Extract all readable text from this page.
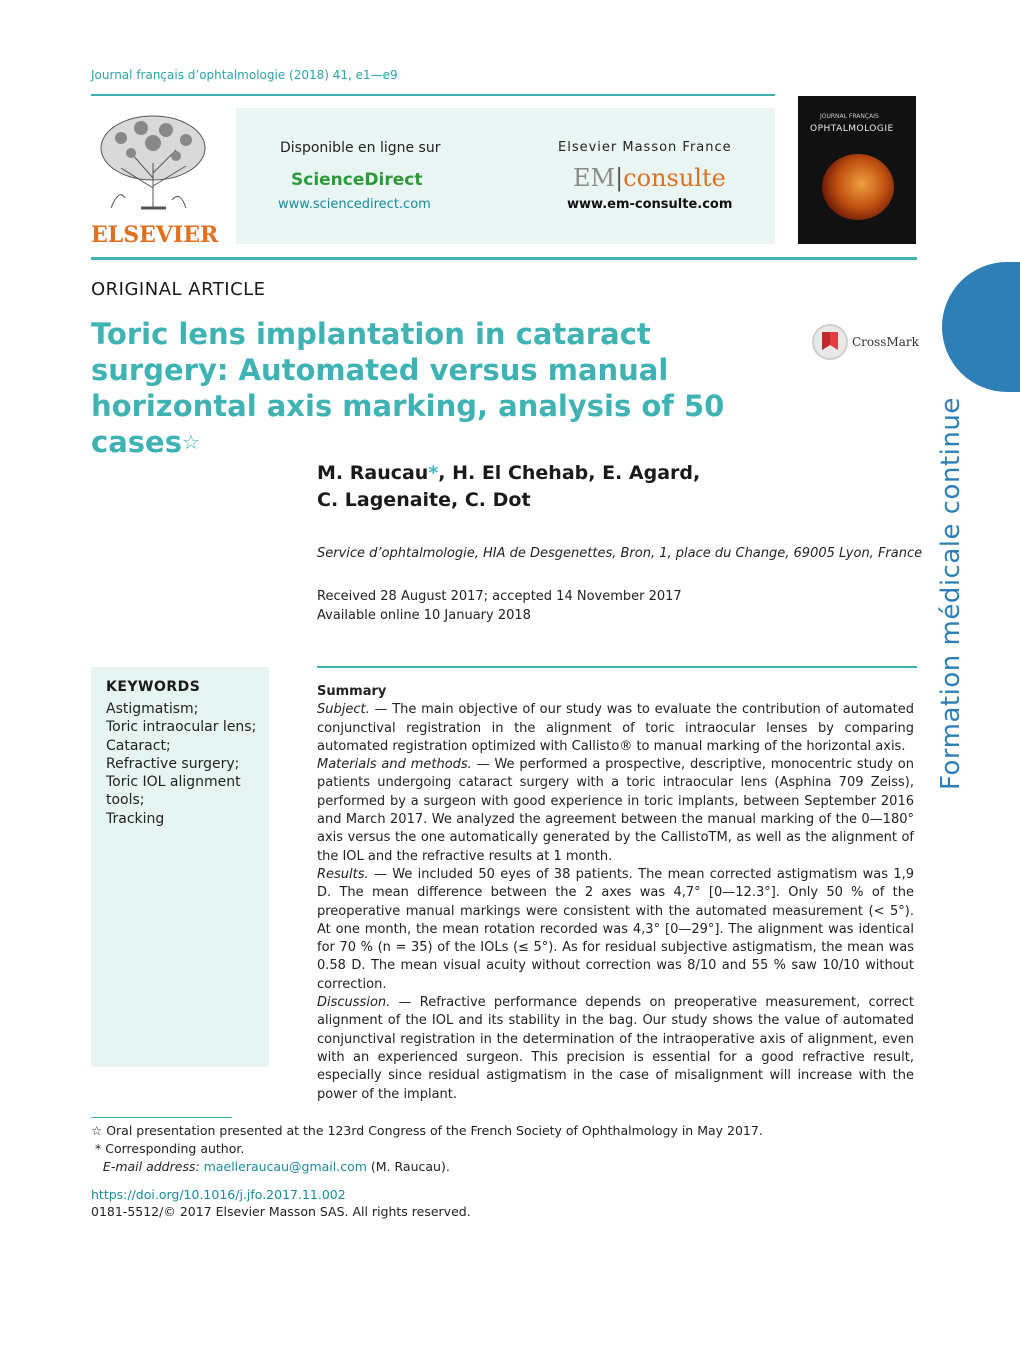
Journal français d’ophtalmologie (2018) 41, e1—e9
ELSEVIER
Disponible en ligne sur
ScienceDirect
www.sciencedirect.com
Elsevier Masson France
EM|consulte
www.em-consulte.com
JOURNAL FRANÇAIS
OPHTALMOLOGIE
ORIGINAL ARTICLE
Toric lens implantation in cataract surgery: Automated versus manual horizontal axis marking, analysis of 50 cases☆
CrossMark
Formation médicale continue
M. Raucau*, H. El Chehab, E. Agard,
C. Lagenaite, C. Dot
Service d’ophtalmologie, HIA de Desgenettes, Bron, 1, place du Change, 69005 Lyon, France
Received 28 August 2017; accepted 14 November 2017
Available online 10 January 2018
KEYWORDS
Astigmatism;
Toric intraocular lens;
Cataract;
Refractive surgery;
Toric IOL alignment tools;
Tracking

Summary

Subject. — The main objective of our study was to evaluate the contribution of automated conjunctival registration in the alignment of toric intraocular lenses by comparing automated registration optimized with Callisto® to manual marking of the horizontal axis.

Materials and methods. — We performed a prospective, descriptive, monocentric study on patients undergoing cataract surgery with a toric intraocular lens (Asphina 709 Zeiss), performed by a surgeon with good experience in toric implants, between September 2016 and March 2017. We analyzed the agreement between the manual marking of the 0—180° axis versus the one automatically generated by the CallistoTM, as well as the alignment of the IOL and the refractive results at 1 month.

Results. — We included 50 eyes of 38 patients. The mean corrected astigmatism was 1,9 D. The mean difference between the 2 axes was 4,7° [0—12.3°]. Only 50 % of the preoperative manual markings were consistent with the automated measurement (< 5°). At one month, the mean rotation recorded was 4,3° [0—29°]. The alignment was identical for 70 % (n = 35) of the IOLs (≤ 5°). As for residual subjective astigmatism, the mean was 0.58 D. The mean visual acuity without correction was 8/10 and 55 % saw 10/10 without correction.

Discussion. — Refractive performance depends on preoperative measurement, correct alignment of the IOL and its stability in the bag. Our study shows the value of automated conjunctival registration in the determination of the intraoperative axis of alignment, even with an experienced surgeon. This precision is essential for a good refractive result, especially since residual astigmatism in the case of misalignment will increase with the power of the implant.

☆ Oral presentation presented at the 123rd Congress of the French Society of Ophthalmology in May 2017.
* Corresponding author.
E-mail address: maelleraucau@gmail.com (M. Raucau).
https://doi.org/10.1016/j.jfo.2017.11.002
0181-5512/© 2017 Elsevier Masson SAS. All rights reserved.
